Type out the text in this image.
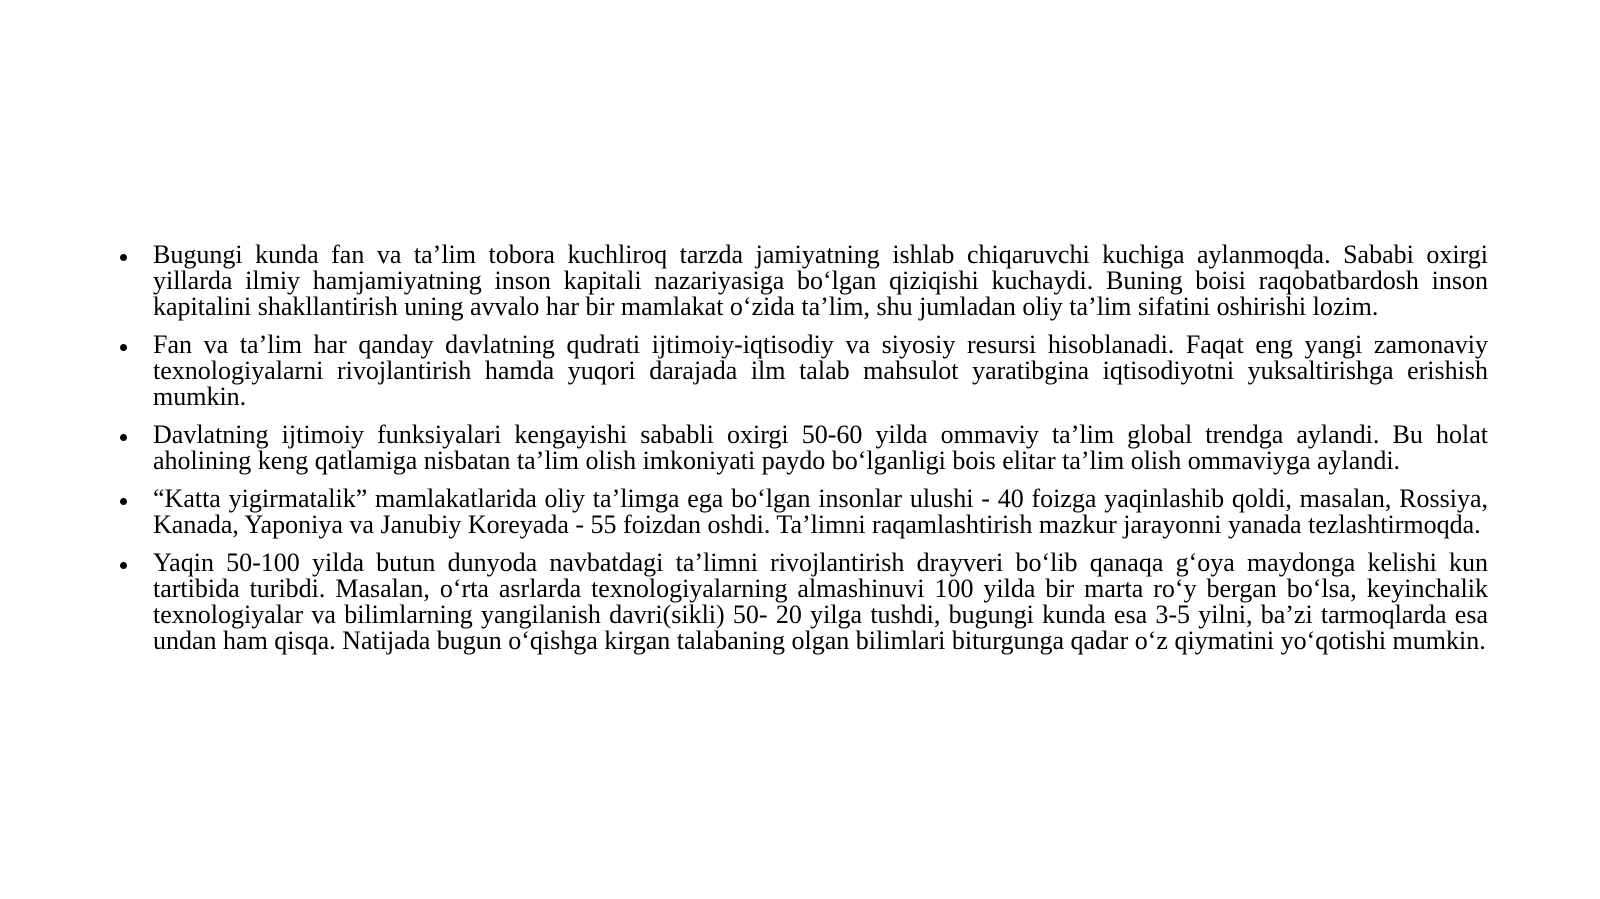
Bugungi kunda fan va ta’lim tobora kuchliroq tarzda jamiyatning ishlab chiqaruvchi kuchiga aylanmoqda. Sababi oxirgi yillarda ilmiy hamjamiyatning inson kapitali nazariyasiga bo‘lgan qiziqishi kuchaydi. Buning boisi raqobatbardosh inson kapitalini shakllantirish uning avvalo har bir mamlakat o‘zida ta’lim, shu jumladan oliy ta’lim sifatini oshirishi lozim.
Fan va ta’lim har qanday davlatning qudrati ijtimoiy-iqtisodiy va siyosiy resursi hisoblanadi. Faqat eng yangi zamonaviy texnologiyalarni rivojlantirish hamda yuqori darajada ilm talab mahsulot yaratibgina iqtisodiyotni yuksaltirishga erishish mumkin.
Davlatning ijtimoiy funksiyalari kengayishi sababli oxirgi 50-60 yilda ommaviy ta’lim global trendga aylandi. Bu holat aholining keng qatlamiga nisbatan ta’lim olish imkoniyati paydo bo‘lganligi bois elitar ta’lim olish ommaviyga aylandi.
“Katta yigirmatalik” mamlakatlarida oliy ta’limga ega bo‘lgan insonlar ulushi - 40 foizga yaqinlashib qoldi, masalan, Rossiya, Kanada, Yaponiya va Janubiy Koreyada - 55 foizdan oshdi. Ta’limni raqamlashtirish mazkur jarayonni yanada tezlashtirmoqda.
Yaqin 50-100 yilda butun dunyoda navbatdagi ta’limni rivojlantirish drayveri bo‘lib qanaqa g‘oya maydonga kelishi kun tartibida turibdi. Masalan, o‘rta asrlarda texnologiyalarning almashinuvi 100 yilda bir marta ro‘y bergan bo‘lsa, keyinchalik texnologiyalar va bilimlarning yangilanish davri(sikli) 50- 20 yilga tushdi, bugungi kunda esa 3-5 yilni, ba’zi tarmoqlarda esa undan ham qisqa. Natijada bugun o‘qishga kirgan talabaning olgan bilimlari biturgunga qadar o‘z qiymatini yo‘qotishi mumkin.
